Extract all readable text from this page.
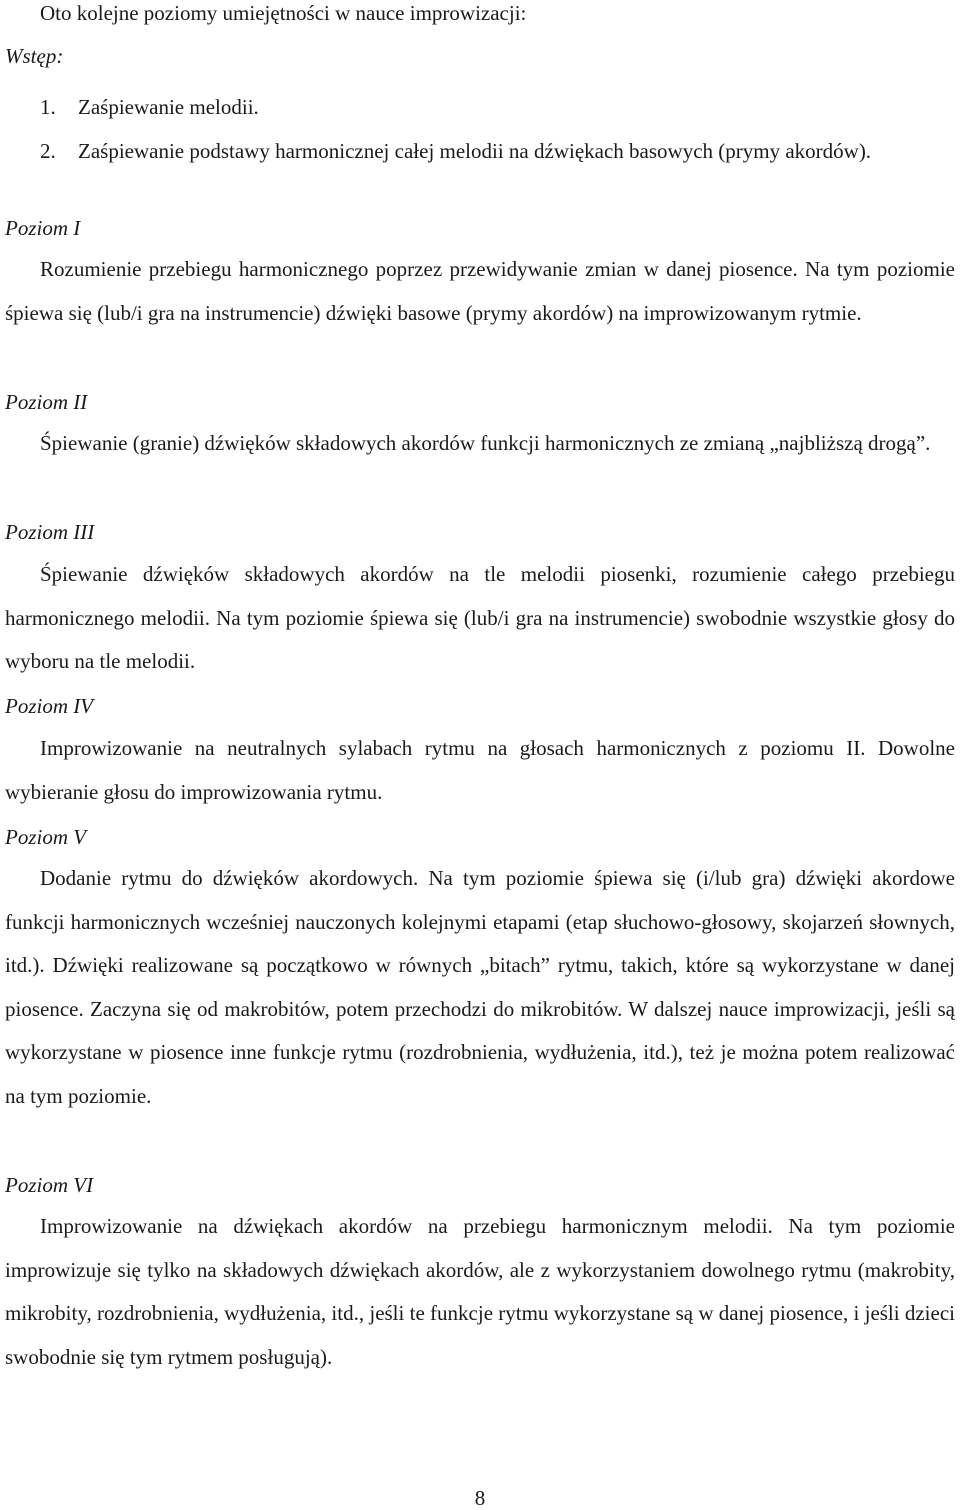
Oto kolejne poziomy umiejętności w nauce improwizacji:
Wstęp:
1. Zaśpiewanie melodii.
2. Zaśpiewanie podstawy harmonicznej całej melodii na dźwiękach basowych (prymy akordów).
Poziom I

Rozumienie przebiegu harmonicznego poprzez przewidywanie zmian w danej piosence. Na tym poziomie śpiewa się (lub/i gra na instrumencie) dźwięki basowe (prymy akordów) na improwizowanym rytmie.

Poziom II

Śpiewanie (granie) dźwięków składowych akordów funkcji harmonicznych ze zmianą „najbliższą drogą”.

Poziom III

Śpiewanie dźwięków składowych akordów na tle melodii piosenki, rozumienie całego przebiegu harmonicznego melodii. Na tym poziomie śpiewa się (lub/i gra na instrumencie) swobodnie wszystkie głosy do wyboru na tle melodii.

Poziom IV

Improwizowanie na neutralnych sylabach rytmu na głosach harmonicznych z poziomu II. Dowolne wybieranie głosu do improwizowania rytmu.

Poziom V

Dodanie rytmu do dźwięków akordowych. Na tym poziomie śpiewa się (i/lub gra) dźwięki akordowe funkcji harmonicznych wcześniej nauczonych kolejnymi etapami (etap słuchowo-głosowy, skojarzeń słownych, itd.). Dźwięki realizowane są początkowo w równych „bitach” rytmu, takich, które są wykorzystane w danej piosence. Zaczyna się od makrobitów, potem przechodzi do mikrobitów. W dalszej nauce improwizacji, jeśli są wykorzystane w piosence inne funkcje rytmu (rozdrobnienia, wydłużenia, itd.), też je można potem realizować na tym poziomie.

Poziom VI

Improwizowanie na dźwiękach akordów na przebiegu harmonicznym melodii. Na tym poziomie improwizuje się tylko na składowych dźwiękach akordów, ale z wykorzystaniem dowolnego rytmu (makrobity, mikrobity, rozdrobnienia, wydłużenia, itd., jeśli te funkcje rytmu wykorzystane są w danej piosence, i jeśli dzieci swobodnie się tym rytmem posługują).

8
